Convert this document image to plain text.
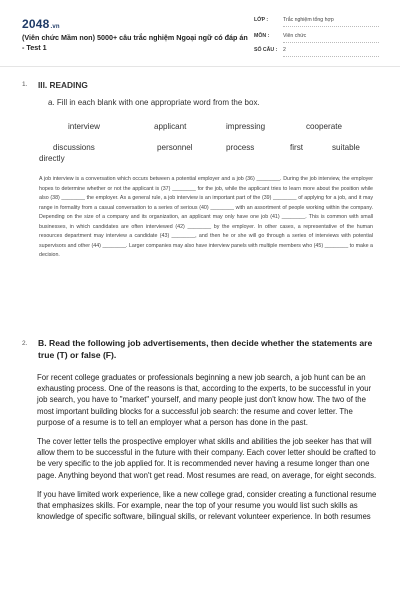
2048.vn
(Viên chức Mầm non) 5000+ câu trắc nghiệm Ngoại ngữ có đáp án - Test 1
LỚP :	Trắc nghiệm tổng hợp
MÔN :	Viên chức
SỐ CÂU :	2
1. III. READING
a. Fill in each blank with one appropriate word from the box.
interview	applicant	impressing	cooperate
discussions	personnel	process	first	suitable
directly
A job interview is a conversation which occurs between a potential employer and a job (36) ________. During the job interview, the employer hopes to determine whether or not the applicant is (37) ________ for the job, while the applicant tries to learn more about the position while also (38) ________ the employer. As a general rule, a job interview is an important part of the (39) ________ of applying for a job, and it may range in formality from a casual conversation to a series of serious (40) ________ with an assortment of people working within the company. Depending on the size of a company and its organization, an applicant may only have one job (41) ________. This is common with small businesses, in which candidates are often interviewed (42) ________ by the employer. In other cases, a representative of the human resources department may interview a candidate (43) ________, and then he or she will go through a series of interviews with potential supervisors and other (44) ________. Larger companies may also have interview panels with multiple members who (45) ________ to make a decision.
2. B. Read the following job advertisements, then decide whether the statements are true (T) or false (F).

For recent college graduates or professionals beginning a new job search, a job hunt can be an exhausting process. One of the reasons is that, according to the experts, to be successful in your job search, you have to "market" yourself, and many people just don't know how. The two of the most important building blocks for a successful job search: the resume and cover letter. The purpose of a resume is to tell an employer what a person has done in the past.

The cover letter tells the prospective employer what skills and abilities the job seeker has that will allow them to be successful in the future with their company. Each cover letter should be crafted to be very specific to the job applied for. It is recommended never having a resume longer than one page. Anything beyond that won't get read. Most resumes are read, on average, for eight seconds.

If you have limited work experience, like a new college grad, consider creating a functional resume that emphasizes skills. For example, near the top of your resume you would list such skills as knowledge of specific software, bilingual skills, or relevant volunteer experience. In both resumes
